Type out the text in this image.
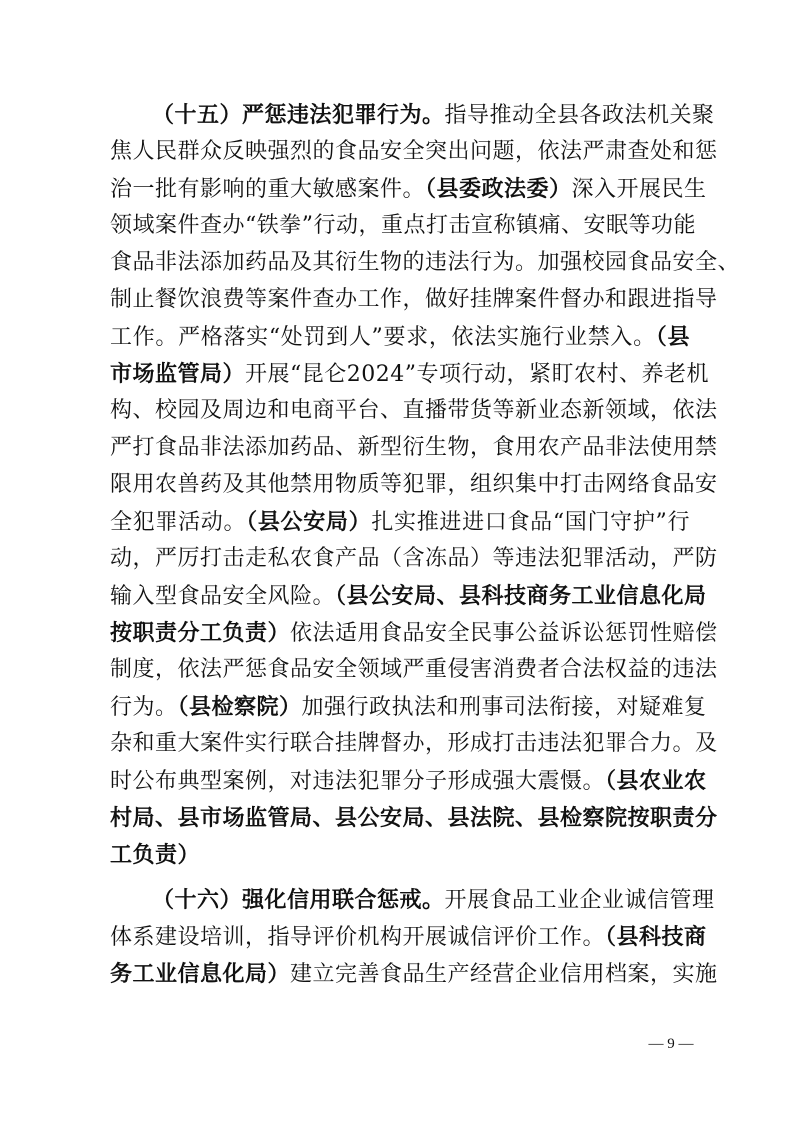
（十五）严惩违法犯罪行为。指导推动全县各政法机关聚
焦人民群众反映强烈的食品安全突出问题，依法严肃查处和惩
治一批有影响的重大敏感案件。（县委政法委）深入开展民生
领域案件查办“铁拳”行动，重点打击宣称镇痛、安眠等功能
食品非法添加药品及其衍生物的违法行为。加强校园食品安全、
制止餐饮浪费等案件查办工作，做好挂牌案件督办和跟进指导
工作。严格落实“处罚到人”要求，依法实施行业禁入。（县
市场监管局）开展“昆仑2024”专项行动，紧盯农村、养老机
构、校园及周边和电商平台、直播带货等新业态新领域，依法
严打食品非法添加药品、新型衍生物，食用农产品非法使用禁
限用农兽药及其他禁用物质等犯罪，组织集中打击网络食品安
全犯罪活动。（县公安局）扎实推进进口食品“国门守护”行
动，严厉打击走私农食产品（含冻品）等违法犯罪活动，严防
输入型食品安全风险。（县公安局、县科技商务工业信息化局
按职责分工负责）依法适用食品安全民事公益诉讼惩罚性赔偿
制度，依法严惩食品安全领域严重侵害消费者合法权益的违法
行为。（县检察院）加强行政执法和刑事司法衔接，对疑难复
杂和重大案件实行联合挂牌督办，形成打击违法犯罪合力。及
时公布典型案例，对违法犯罪分子形成强大震慑。（县农业农
村局、县市场监管局、县公安局、县法院、县检察院按职责分
工负责）
（十六）强化信用联合惩戒。开展食品工业企业诚信管理
体系建设培训，指导评价机构开展诚信评价工作。（县科技商
务工业信息化局）建立完善食品生产经营企业信用档案，实施
— 9 —
